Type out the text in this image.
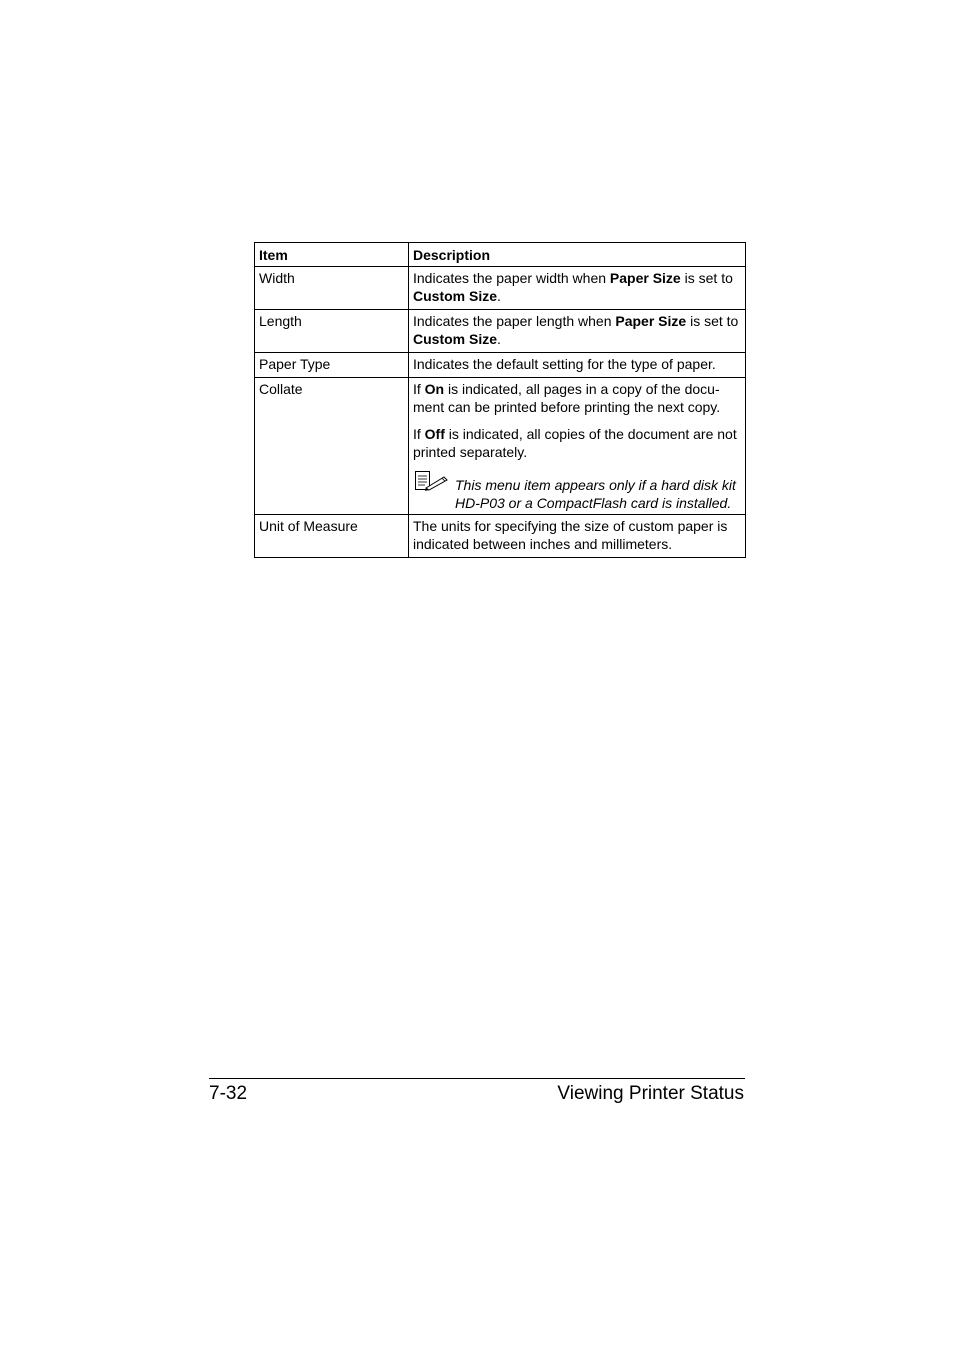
Item	Description
Width	Indicates the paper width when Paper Size is set to Custom Size.
Length	Indicates the paper length when Paper Size is set to Custom Size.
Paper Type	Indicates the default setting for the type of paper.
Collate	If On is indicated, all pages in a copy of the docu-ment can be printed before printing the next copy.

If Off is indicated, all copies of the document are not printed separately.

This menu item appears only if a hard disk kit HD-P03 or a CompactFlash card is installed.

Unit of Measure	The units for specifying the size of custom paper is indicated between inches and millimeters.
7-32	Viewing Printer Status
